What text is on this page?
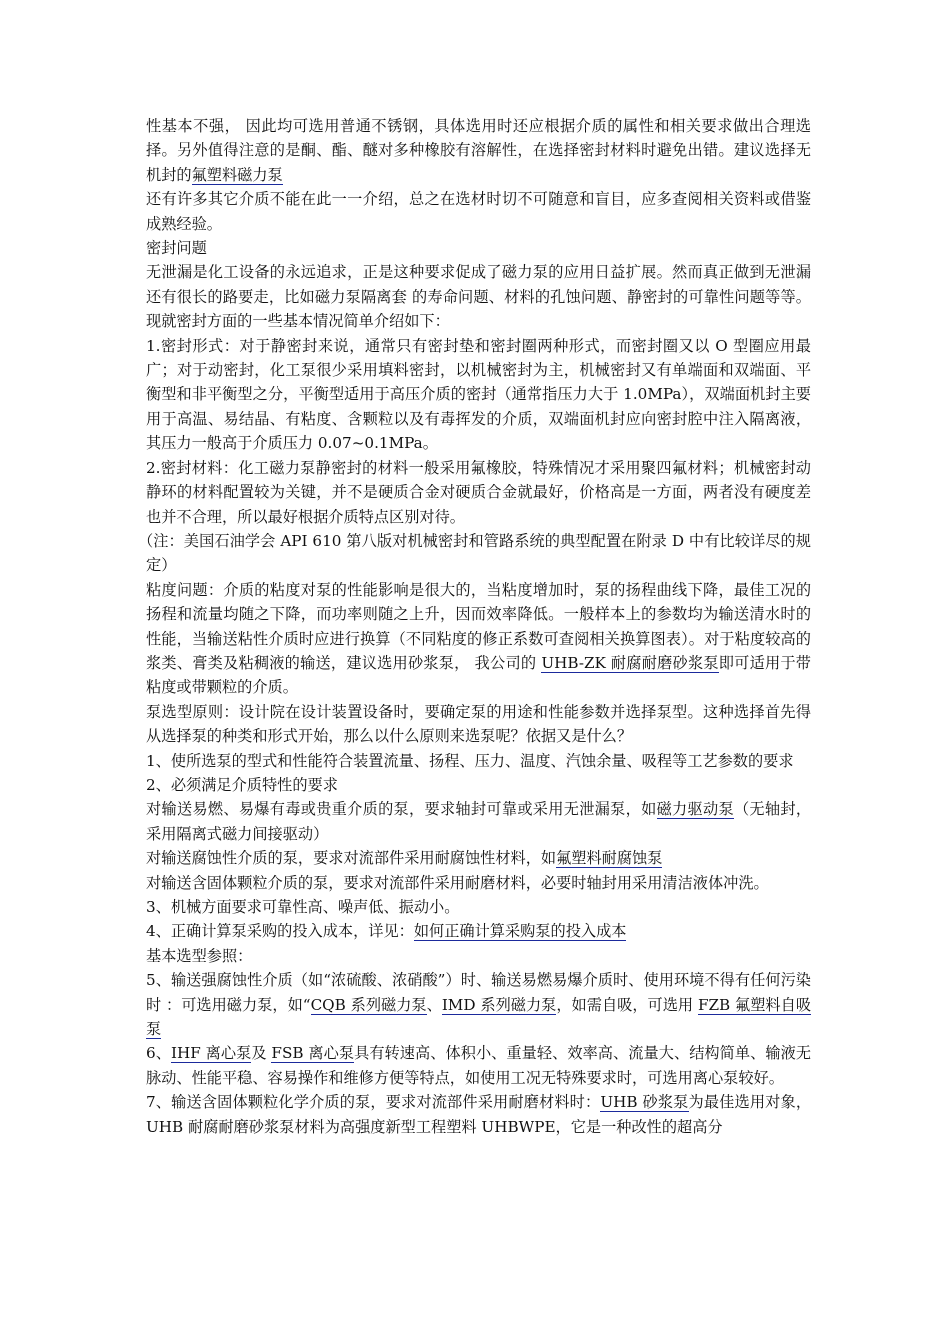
性基本不强， 因此均可选用普通不锈钢，具体选用时还应根据介质的属性和相关要求做出合理选择。另外值得注意的是酮、酯、醚对多种橡胶有溶解性，在选择密封材料时避免出错。建议选择无机封的氟塑料磁力泵

还有许多其它介质不能在此一一介绍，总之在选材时切不可随意和盲目，应多查阅相关资料或借鉴成熟经验。

密封问题

无泄漏是化工设备的永远追求，正是这种要求促成了磁力泵的应用日益扩展。然而真正做到无泄漏还有很长的路要走，比如磁力泵隔离套 的寿命问题、材料的孔蚀问题、静密封的可靠性问题等等。现就密封方面的一些基本情况简单介绍如下：

1.密封形式：对于静密封来说，通常只有密封垫和密封圈两种形式，而密封圈又以 O 型圈应用最广；对于动密封，化工泵很少采用填料密封，以机械密封为主，机械密封又有单端面和双端面、平衡型和非平衡型之分，平衡型适用于高压介质的密封（通常指压力大于 1.0MPa），双端面机封主要用于高温、易结晶、有粘度、含颗粒以及有毒挥发的介质，双端面机封应向密封腔中注入隔离液，其压力一般高于介质压力 0.07~0.1MPa。

2.密封材料：化工磁力泵静密封的材料一般采用氟橡胶，特殊情况才采用聚四氟材料；机械密封动静环的材料配置较为关键，并不是硬质合金对硬质合金就最好，价格高是一方面，两者没有硬度差也并不合理，所以最好根据介质特点区别对待。

（注：美国石油学会 API 610 第八版对机械密封和管路系统的典型配置在附录 D 中有比较详尽的规定）

粘度问题：介质的粘度对泵的性能影响是很大的，当粘度增加时，泵的扬程曲线下降，最佳工况的扬程和流量均随之下降，而功率则随之上升，因而效率降低。一般样本上的参数均为输送清水时的性能，当输送粘性介质时应进行换算（不同粘度的修正系数可查阅相关换算图表）。对于粘度较高的浆类、膏类及粘稠液的输送，建议选用砂浆泵， 我公司的 UHB-ZK 耐腐耐磨砂浆泵即可适用于带粘度或带颗粒的介质。

泵选型原则：设计院在设计装置设备时，要确定泵的用途和性能参数并选择泵型。这种选择首先得从选择泵的种类和形式开始，那么以什么原则来选泵呢？依据又是什么？

1、使所选泵的型式和性能符合装置流量、扬程、压力、温度、汽蚀余量、吸程等工艺参数的要求

2、必须满足介质特性的要求

对输送易燃、易爆有毒或贵重介质的泵，要求轴封可靠或采用无泄漏泵，如磁力驱动泵（无轴封，采用隔离式磁力间接驱动）

对输送腐蚀性介质的泵，要求对流部件采用耐腐蚀性材料，如氟塑料耐腐蚀泵

对输送含固体颗粒介质的泵，要求对流部件采用耐磨材料，必要时轴封用采用清洁液体冲洗。

3、机械方面要求可靠性高、噪声低、振动小。

4、正确计算泵采购的投入成本，详见：如何正确计算采购泵的投入成本

基本选型参照：

5、输送强腐蚀性介质（如“浓硫酸、浓硝酸”）时、输送易燃易爆介质时、使用环境不得有任何污染时 ：可选用磁力泵，如“CQB 系列磁力泵、IMD 系列磁力泵，如需自吸，可选用 FZB 氟塑料自吸泵

6、IHF 离心泵及 FSB 离心泵具有转速高、体积小、重量轻、效率高、流量大、结构简单、输液无脉动、性能平稳、容易操作和维修方便等特点，如使用工况无特殊要求时，可选用离心泵较好。

7、输送含固体颗粒化学介质的泵，要求对流部件采用耐磨材料时：UHB 砂浆泵为最佳选用对象，UHB 耐腐耐磨砂浆泵材料为高强度新型工程塑料 UHBWPE，它是一种改性的超高分
